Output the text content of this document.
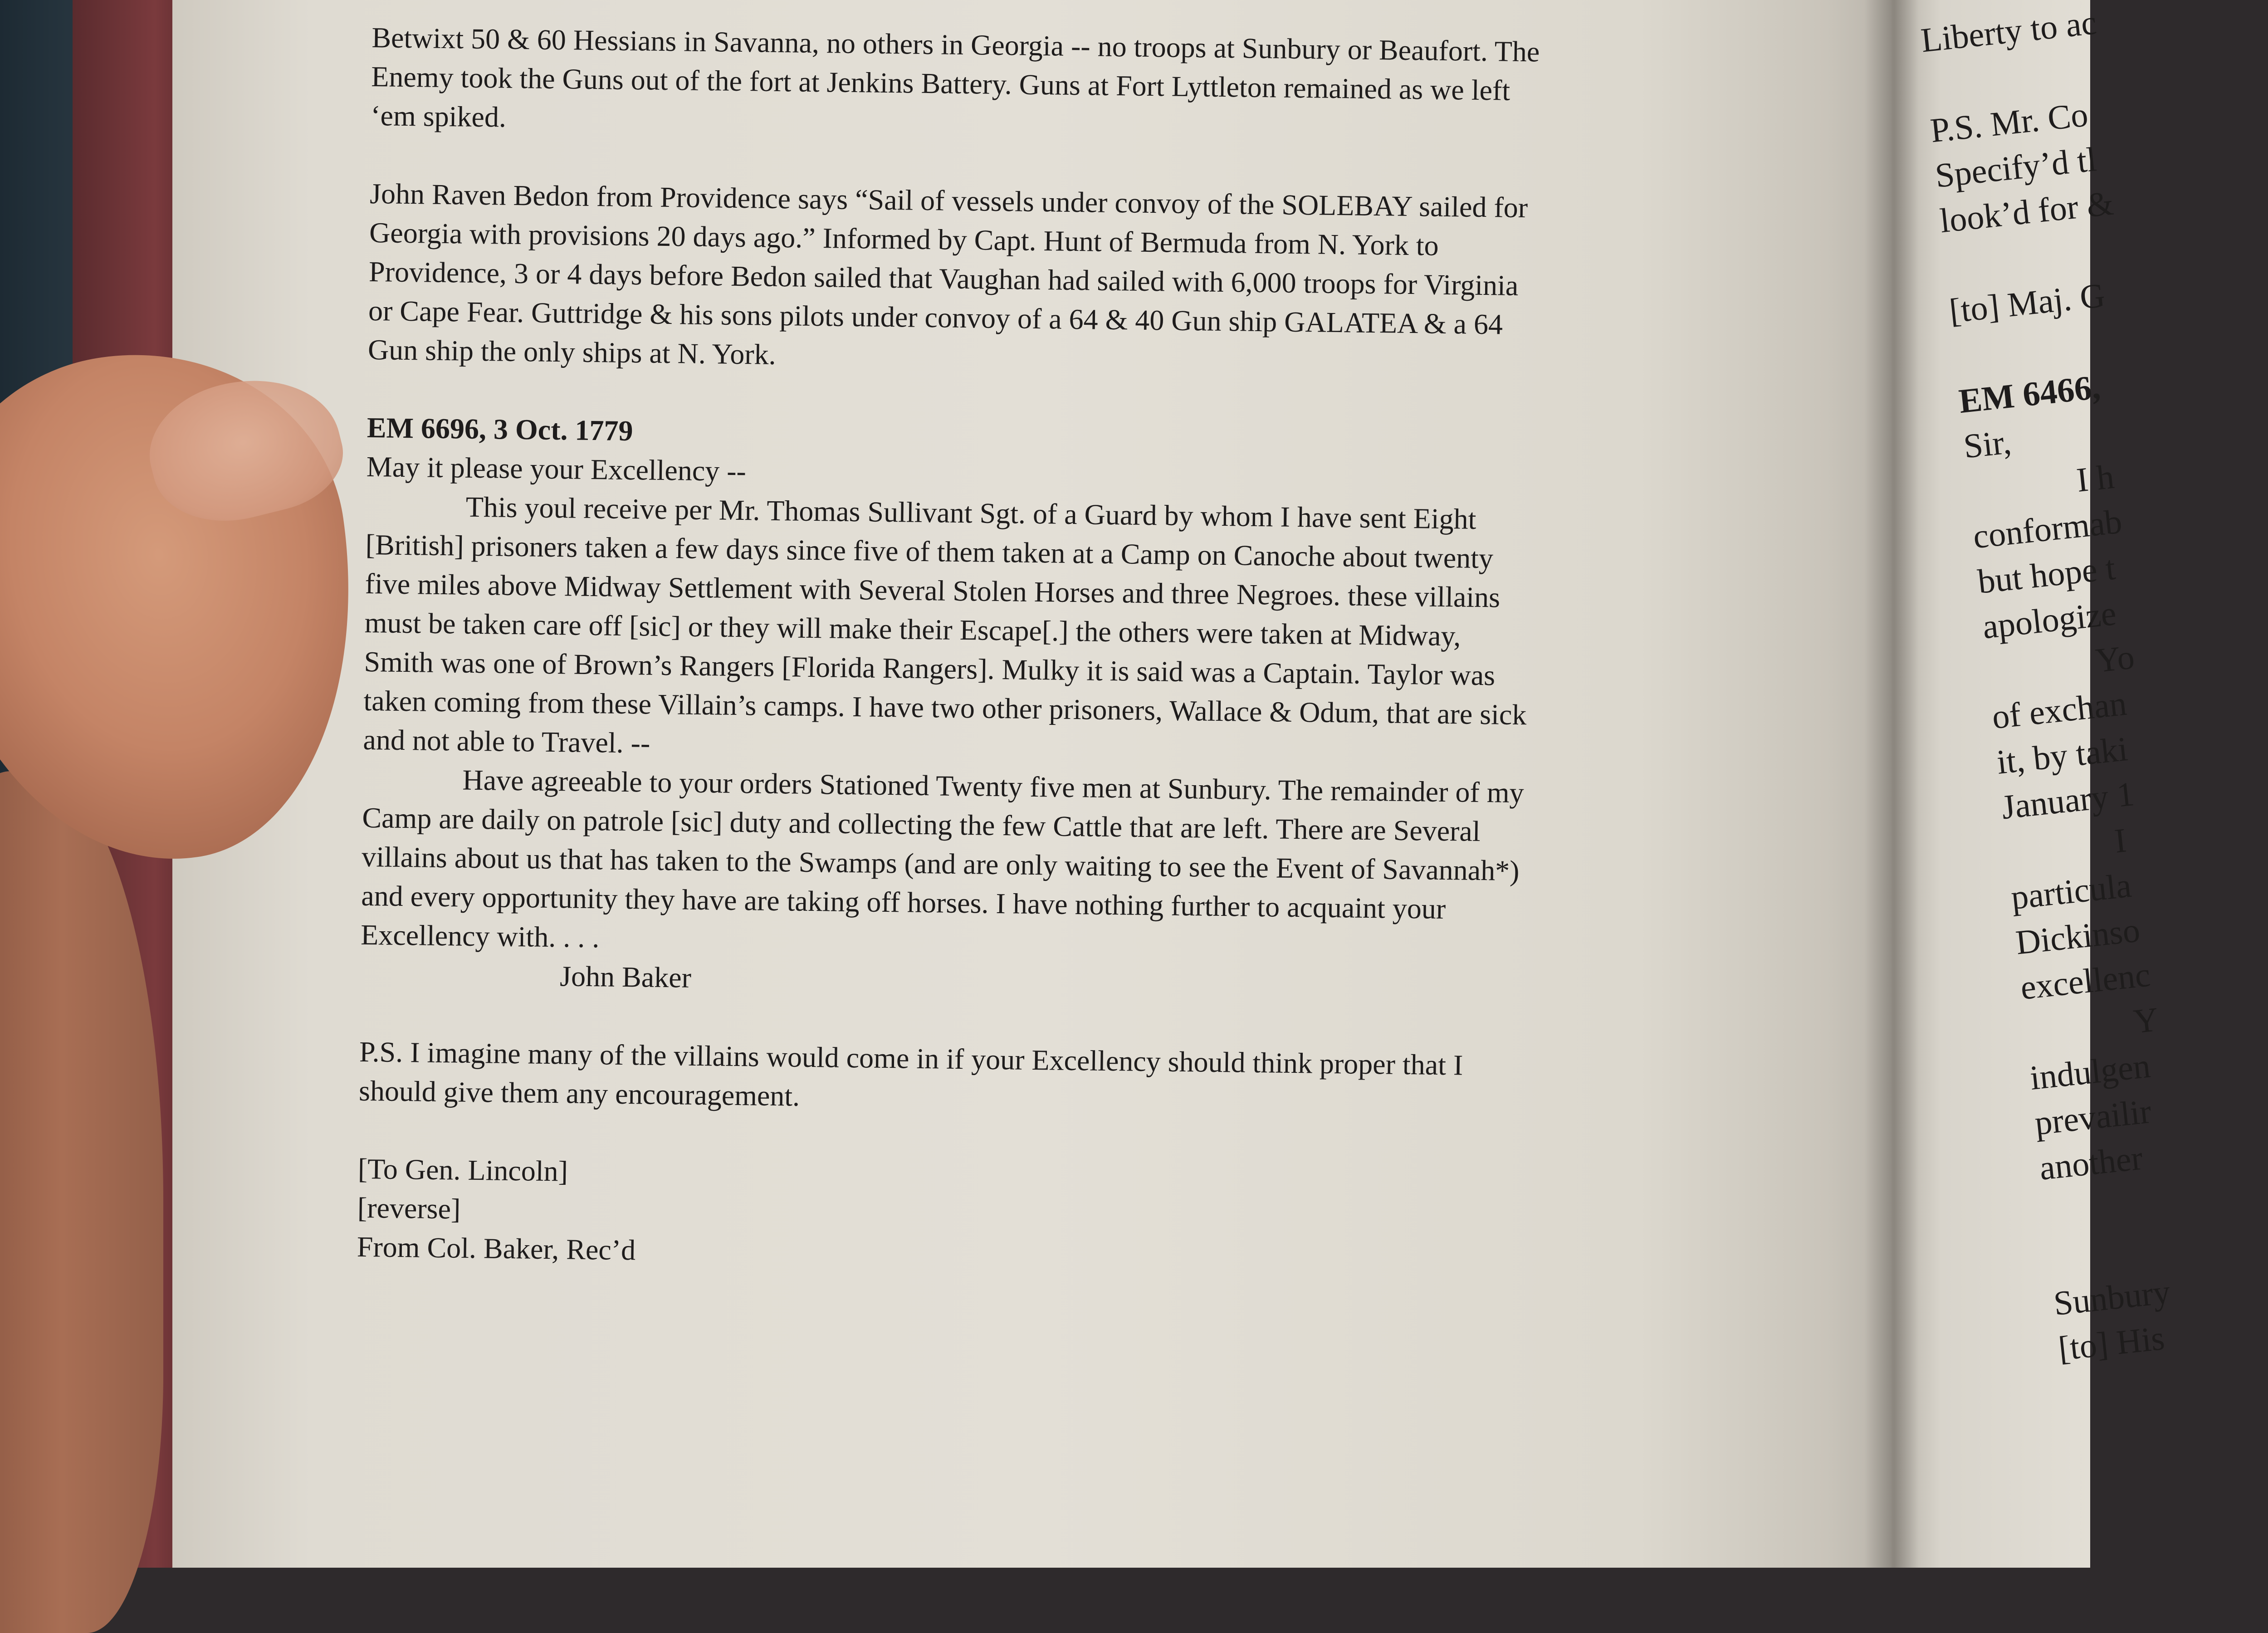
Liberty to ac

P.S. Mr. Co
Specify’d tl
look’d for &

[to] Maj. G

EM 6466,
Sir,
I h
conformab
but hope t
apologize
Yo
of exchan
it, by taki
January 1
I
particula
Dickinso
excellenc
Y
indulgen
prevailir
another

Sunbury
[to] His
Betwixt 50 & 60 Hessians in Savanna, no others in Georgia -- no troops at Sunbury or Beaufort. The
Enemy took the Guns out of the fort at Jenkins Battery. Guns at Fort Lyttleton remained as we left
‘em spiked.

John Raven Bedon from Providence says “Sail of vessels under convoy of the SOLEBAY sailed for
Georgia with provisions 20 days ago.” Informed by Capt. Hunt of Bermuda from N. York to
Providence, 3 or 4 days before Bedon sailed that Vaughan had sailed with 6,000 troops for Virginia
or Cape Fear. Guttridge & his sons pilots under convoy of a 64 & 40 Gun ship GALATEA & a 64
Gun ship the only ships at N. York.

EM 6696, 3 Oct. 1779
May it please your Excellency --
This youl receive per Mr. Thomas Sullivant Sgt. of a Guard by whom I have sent Eight
[British] prisoners taken a few days since five of them taken at a Camp on Canoche about twenty
five miles above Midway Settlement with Several Stolen Horses and three Negroes. these villains
must be taken care off [sic] or they will make their Escape[.] the others were taken at Midway,
Smith was one of Brown’s Rangers [Florida Rangers]. Mulky it is said was a Captain. Taylor was
taken coming from these Villain’s camps. I have two other prisoners, Wallace & Odum, that are sick
and not able to Travel. --
Have agreeable to your orders Stationed Twenty five men at Sunbury. The remainder of my
Camp are daily on patrole [sic] duty and collecting the few Cattle that are left. There are Several
villains about us that has taken to the Swamps (and are only waiting to see the Event of Savannah*)
and every opportunity they have are taking off horses. I have nothing further to acquaint your
Excellency with. . . .
John Baker

P.S. I imagine many of the villains would come in if your Excellency should think proper that I
should give them any encouragement.

[To Gen. Lincoln]
[reverse]
From Col. Baker, Rec’d
